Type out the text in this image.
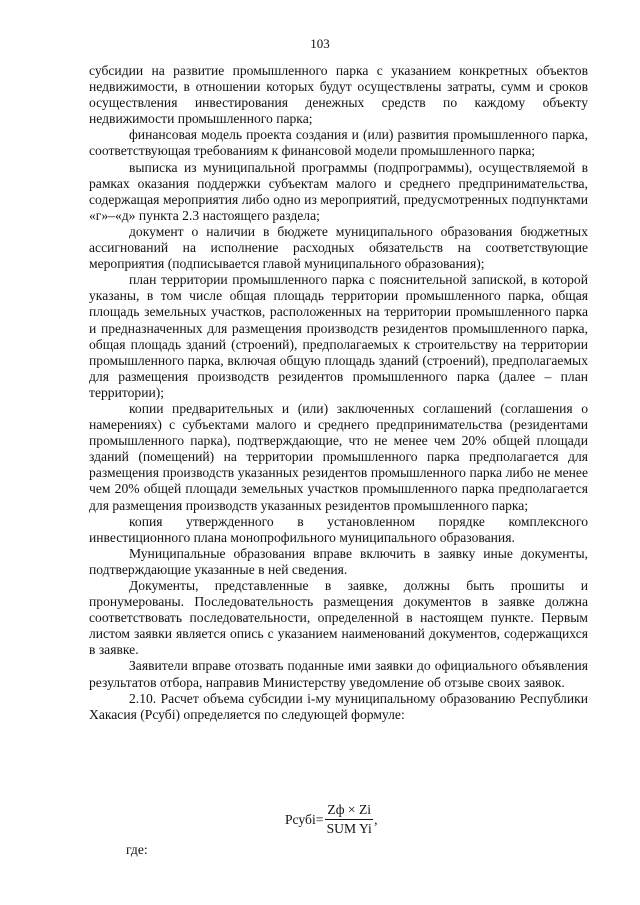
103

субсидии на развитие промышленного парка с указанием конкретных объектов недвижимости, в отношении которых будут осуществлены затраты, сумм и сроков осуществления инвестирования денежных средств по каждому объекту недвижимости промышленного парка;

финансовая модель проекта создания и (или) развития промышленного парка, соответствующая требованиям к финансовой модели промышленного парка;

выписка из муниципальной программы (подпрограммы), осуществляемой в рамках оказания поддержки субъектам малого и среднего предпринимательства, содержащая мероприятия либо одно из мероприятий, предусмотренных подпунктами «г»–«д» пункта 2.3 настоящего раздела;

документ о наличии в бюджете муниципального образования бюджетных ассигнований на исполнение расходных обязательств на соответствующие мероприятия (подписывается главой муниципального образования);

план территории промышленного парка с пояснительной запиской, в которой указаны, в том числе общая площадь территории промышленного парка, общая площадь земельных участков, расположенных на территории промышленного парка и предназначенных для размещения производств резидентов промышленного парка, общая площадь зданий (строений), предполагаемых к строительству на территории промышленного парка, включая общую площадь зданий (строений), предполагаемых для размещения производств резидентов промышленного парка (далее – план территории);

копии предварительных и (или) заключенных соглашений (соглашения о намерениях) с субъектами малого и среднего предпринимательства (резидентами промышленного парка), подтверждающие, что не менее чем 20% общей площади зданий (помещений) на территории промышленного парка предполагается для размещения производств указанных резидентов промышленного парка либо не менее чем 20% общей площади земельных участков промышленного парка предполагается для размещения производств указанных резидентов промышленного парка;

копия утвержденного в установленном порядке комплексного инвестиционного плана монопрофильного муниципального образования.

Муниципальные образования вправе включить в заявку иные документы, подтверждающие указанные в ней сведения.

Документы, представленные в заявке, должны быть прошиты и пронумерованы. Последовательность размещения документов в заявке должна соответствовать последовательности, определенной в настоящем пункте. Первым листом заявки является опись с указанием наименований документов, содержащихся в заявке.

Заявители вправе отозвать поданные ими заявки до официального объявления результатов отбора, направив Министерству уведомление об отзыве своих заявок.

2.10. Расчет объема субсидии i-му муниципальному образованию Республики Хакасия (Рсубi) определяется по следующей формуле:

Рсубi= $\frac{Zф \times Zi}{\text{SUM Yi}}$ ,
где:
